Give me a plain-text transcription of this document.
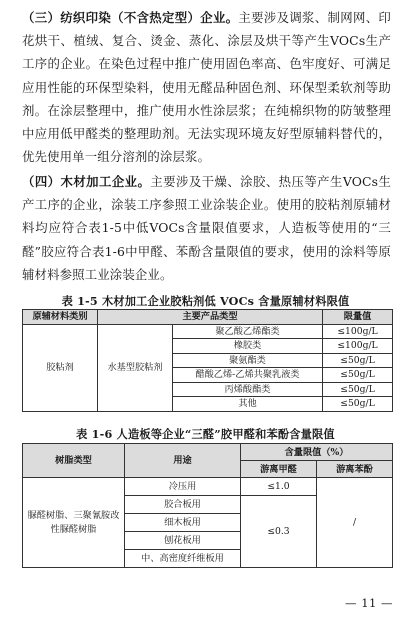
（三）纺织印染（不含热定型）企业。主要涉及调浆、制网网、印花烘干、植绒、复合、烫金、蒸化、涂层及烘干等产生VOCs生产工序的企业。在染色过程中推广使用固色率高、色牢度好、可满足应用性能的环保型染料，使用无醛品种固色剂、环保型柔软剂等助剂。在涂层整理中，推广使用水性涂层浆；在纯棉织物的防皱整理中应用低甲醛类的整理助剂。无法实现环境友好型原辅料替代的，优先使用单一组分溶剂的涂层浆。
（四）木材加工企业。主要涉及干燥、涂胶、热压等产生VOCs生产工序的企业，涂装工序参照工业涂装企业。使用的胶粘剂原辅材料均应符合表1-5中低VOCs含量限值要求，人造板等使用的“三醛”胶应符合表1-6中甲醛、苯酚含量限值的要求，使用的涂料等原辅材料参照工业涂装企业。
表 1-5 木材加工企业胶粘剂低 VOCs 含量原辅材料限值
原辅材料类别	主要产品类型		限量值
胶粘剂	水基型胶粘剂	聚乙酸乙烯酯类	≤100g/L
		橡胶类	≤100g/L
		聚氨酯类	≤50g/L
		醋酸乙烯-乙烯共聚乳液类	≤50g/L
		丙烯酸酯类	≤50g/L
		其他	≤50g/L
表 1-6 人造板等企业“三醛”胶甲醛和苯酚含量限值
树脂类型	用途	含量限值（%）	
		游离甲醛	游离苯酚
脲醛树脂、三聚氰胺改性脲醛树脂	冷压用	≤1.0	/
	胶合板用	≤0.3	
	细木板用		
	刨花板用		
	中、高密度纤维板用		
— 11 —
